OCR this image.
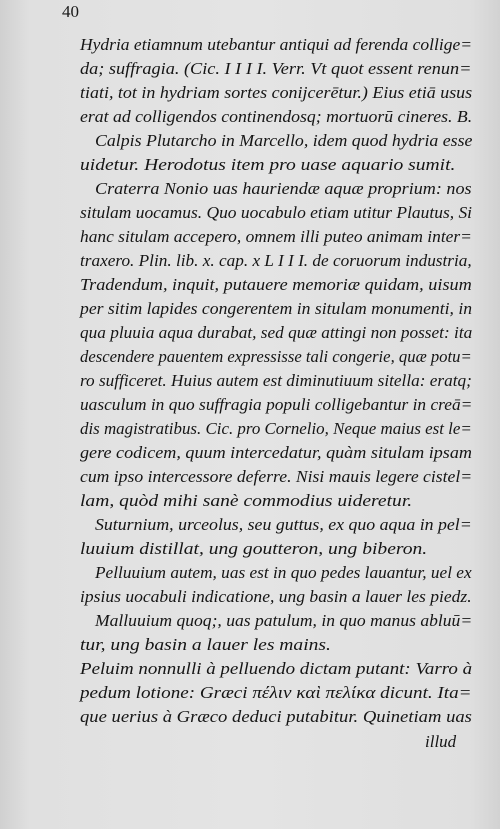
40
Hydria etiamnum utebantur antiqui ad ferenda collige=
da; suffragia. (Cic. I I I I. Verr. Vt quot essent renun=
tiati, tot in hydriam sortes conijcerētur.) Eius etiā usus
erat ad colligendos continendosq; mortuorū cineres. B.
Calpis Plutarcho in Marcello, idem quod hydria esse
uidetur. Herodotus item pro uase aquario sumit.
Craterra Nonio uas hauriendæ aquæ proprium: nos
situlam uocamus. Quo uocabulo etiam utitur Plautus, Si
hanc situlam accepero, omnem illi puteo animam inter=
traxero. Plin. lib. x. cap. x L I I I. de coruorum industria,
Tradendum, inquit, putauere memoriæ quidam, uisum
per sitim lapides congerentem in situlam monumenti, in
qua pluuia aqua durabat, sed quæ attingi non posset: ita
descendere pauentem expressisse tali congerie, quæ potu=
ro sufficeret. Huius autem est diminutiuum sitella: eratq;
uasculum in quo suffragia populi colligebantur in creā=
dis magistratibus. Cic. pro Cornelio, Neque maius est le=
gere codicem, quum intercedatur, quàm situlam ipsam
cum ipso intercessore deferre. Nisi mauis legere cistel=
lam, quòd mihi sanè commodius uideretur.
Suturnium, urceolus, seu guttus, ex quo aqua in pel=
luuium distillat, ung goutteron, ung biberon.
Pelluuium autem, uas est in quo pedes lauantur, uel ex
ipsius uocabuli indicatione, ung basin a lauer les piedz.
Malluuium quoq;, uas patulum, in quo manus abluū=
tur, ung basin a lauer les mains.
Peluim nonnulli à pelluendo dictam putant: Varro à
pedum lotione: Græci πέλιν καὶ πελίκα dicunt. Ita=
que uerius à Græco deduci putabitur. Quinetiam uas
illud
